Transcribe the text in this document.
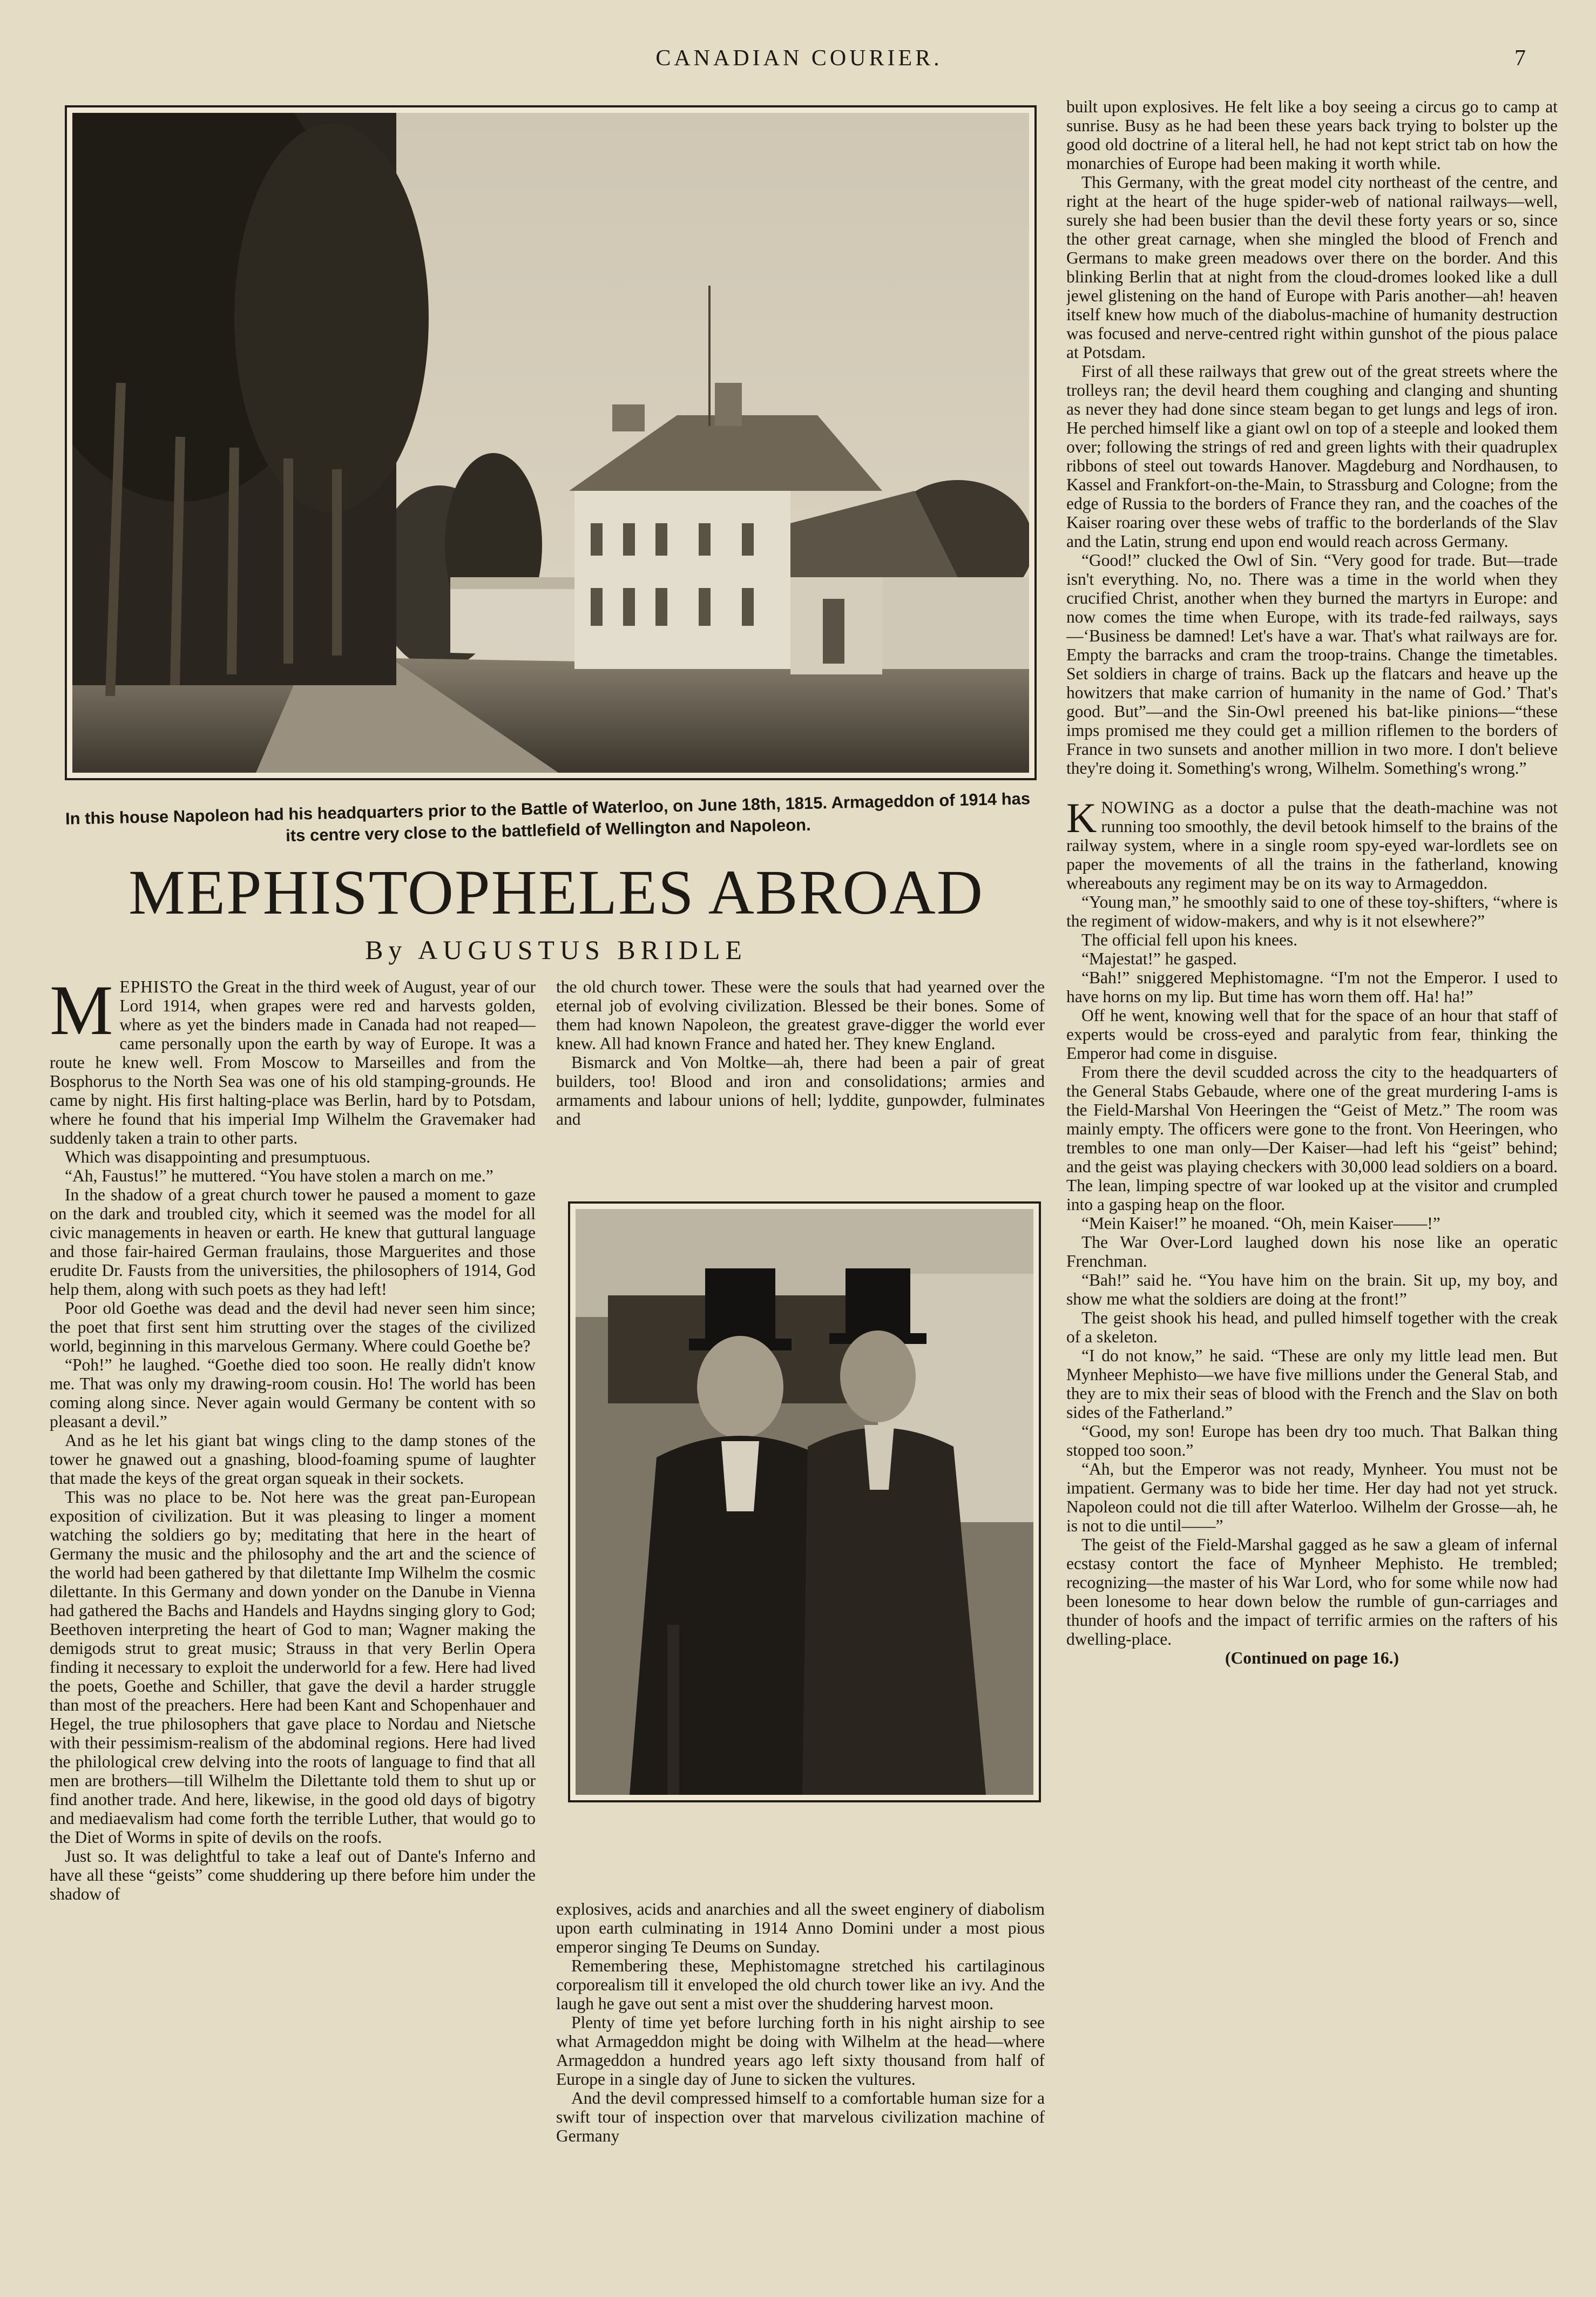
CANADIAN COURIER.	7
In this house Napoleon had his headquarters prior to the Battle of Waterloo, on June 18th, 1815. Armageddon of 1914 has its centre very close to the battlefield of Wellington and Napoleon.
MEPHISTOPHELES ABROAD
By AUGUSTUS BRIDLE

MEPHISTO the Great in the third week of August, year of our Lord 1914, when grapes were red and harvests golden, where as yet the binders made in Canada had not reaped—came personally upon the earth by way of Europe. It was a route he knew well. From Moscow to Marseilles and from the Bosphorus to the North Sea was one of his old stamping-grounds. He came by night. His first halting-place was Berlin, hard by to Potsdam, where he found that his imperial Imp Wilhelm the Gravemaker had suddenly taken a train to other parts.

Which was disappointing and presumptuous.

“Ah, Faustus!” he muttered. “You have stolen a march on me.”

In the shadow of a great church tower he paused a moment to gaze on the dark and troubled city, which it seemed was the model for all civic managements in heaven or earth. He knew that guttural language and those fair-haired German fraulains, those Marguerites and those erudite Dr. Fausts from the universities, the philosophers of 1914, God help them, along with such poets as they had left!

Poor old Goethe was dead and the devil had never seen him since; the poet that first sent him strutting over the stages of the civilized world, beginning in this marvelous Germany. Where could Goethe be?

“Poh!” he laughed. “Goethe died too soon. He really didn't know me. That was only my drawing-room cousin. Ho! The world has been coming along since. Never again would Germany be content with so pleasant a devil.”

And as he let his giant bat wings cling to the damp stones of the tower he gnawed out a gnashing, blood-foaming spume of laughter that made the keys of the great organ squeak in their sockets.

This was no place to be. Not here was the great pan-European exposition of civilization. But it was pleasing to linger a moment watching the soldiers go by; meditating that here in the heart of Germany the music and the philosophy and the art and the science of the world had been gathered by that dilettante Imp Wilhelm the cosmic dilettante. In this Germany and down yonder on the Danube in Vienna had gathered the Bachs and Handels and Haydns singing glory to God; Beethoven interpreting the heart of God to man; Wagner making the demigods strut to great music; Strauss in that very Berlin Opera finding it necessary to exploit the underworld for a few. Here had lived the poets, Goethe and Schiller, that gave the devil a harder struggle than most of the preachers. Here had been Kant and Schopenhauer and Hegel, the true philosophers that gave place to Nordau and Nietsche with their pessimism-realism of the abdominal regions. Here had lived the philological crew delving into the roots of language to find that all men are brothers—till Wilhelm the Dilettante told them to shut up or find another trade. And here, likewise, in the good old days of bigotry and mediaevalism had come forth the terrible Luther, that would go to the Diet of Worms in spite of devils on the roofs.

Just so. It was delightful to take a leaf out of Dante's Inferno and have all these “geists” come shuddering up there before him under the shadow of

the old church tower. These were the souls that had yearned over the eternal job of evolving civilization. Blessed be their bones. Some of them had known Napoleon, the greatest grave-digger the world ever knew. All had known France and hated her. They knew England.

Bismarck and Von Moltke—ah, there had been a pair of great builders, too! Blood and iron and consolidations; armies and armaments and labour unions of hell; lyddite, gunpowder, fulminates and

explosives, acids and anarchies and all the sweet enginery of diabolism upon earth culminating in 1914 Anno Domini under a most pious emperor singing Te Deums on Sunday.

Remembering these, Mephistomagne stretched his cartilaginous corporealism till it enveloped the old church tower like an ivy. And the laugh he gave out sent a mist over the shuddering harvest moon.

Plenty of time yet before lurching forth in his night airship to see what Armageddon might be doing with Wilhelm at the head—where Armageddon a hundred years ago left sixty thousand from half of Europe in a single day of June to sicken the vultures.

And the devil compressed himself to a comfortable human size for a swift tour of inspection over that marvelous civilization machine of Germany

built upon explosives. He felt like a boy seeing a circus go to camp at sunrise. Busy as he had been these years back trying to bolster up the good old doctrine of a literal hell, he had not kept strict tab on how the monarchies of Europe had been making it worth while.

This Germany, with the great model city northeast of the centre, and right at the heart of the huge spider-web of national railways—well, surely she had been busier than the devil these forty years or so, since the other great carnage, when she mingled the blood of French and Germans to make green meadows over there on the border. And this blinking Berlin that at night from the cloud-dromes looked like a dull jewel glistening on the hand of Europe with Paris another—ah! heaven itself knew how much of the diabolus-machine of humanity destruction was focused and nerve-centred right within gunshot of the pious palace at Potsdam.

First of all these railways that grew out of the great streets where the trolleys ran; the devil heard them coughing and clanging and shunting as never they had done since steam began to get lungs and legs of iron. He perched himself like a giant owl on top of a steeple and looked them over; following the strings of red and green lights with their quadruplex ribbons of steel out towards Hanover. Magdeburg and Nordhausen, to Kassel and Frankfort-on-the-Main, to Strassburg and Cologne; from the edge of Russia to the borders of France they ran, and the coaches of the Kaiser roaring over these webs of traffic to the borderlands of the Slav and the Latin, strung end upon end would reach across Germany.

“Good!” clucked the Owl of Sin. “Very good for trade. But—trade isn't everything. No, no. There was a time in the world when they crucified Christ, another when they burned the martyrs in Europe: and now comes the time when Europe, with its trade-fed railways, says—‘Business be damned! Let's have a war. That's what railways are for. Empty the barracks and cram the troop-trains. Change the timetables. Set soldiers in charge of trains. Back up the flatcars and heave up the howitzers that make carrion of humanity in the name of God.’ That's good. But”—and the Sin-Owl preened his bat-like pinions—“these imps promised me they could get a million riflemen to the borders of France in two sunsets and another million in two more. I don't believe they're doing it. Something's wrong, Wilhelm. Something's wrong.”

KNOWING as a doctor a pulse that the death-machine was not running too smoothly, the devil betook himself to the brains of the railway system, where in a single room spy-eyed war-lordlets see on paper the movements of all the trains in the fatherland, knowing whereabouts any regiment may be on its way to Armageddon.

“Young man,” he smoothly said to one of these toy-shifters, “where is the regiment of widow-makers, and why is it not elsewhere?”

The official fell upon his knees.

“Majestat!” he gasped.

“Bah!” sniggered Mephistomagne. “I'm not the Emperor. I used to have horns on my lip. But time has worn them off. Ha! ha!”

Off he went, knowing well that for the space of an hour that staff of experts would be cross-eyed and paralytic from fear, thinking the Emperor had come in disguise.

From there the devil scudded across the city to the headquarters of the General Stabs Gebaude, where one of the great murdering I-ams is the Field-Marshal Von Heeringen the “Geist of Metz.” The room was mainly empty. The officers were gone to the front. Von Heeringen, who trembles to one man only—Der Kaiser—had left his “geist” behind; and the geist was playing checkers with 30,000 lead soldiers on a board. The lean, limping spectre of war looked up at the visitor and crumpled into a gasping heap on the floor.

“Mein Kaiser!” he moaned. “Oh, mein Kaiser——!”

The War Over-Lord laughed down his nose like an operatic Frenchman.

“Bah!” said he. “You have him on the brain. Sit up, my boy, and show me what the soldiers are doing at the front!”

The geist shook his head, and pulled himself together with the creak of a skeleton.

“I do not know,” he said. “These are only my little lead men. But Mynheer Mephisto—we have five millions under the General Stab, and they are to mix their seas of blood with the French and the Slav on both sides of the Fatherland.”

“Good, my son! Europe has been dry too much. That Balkan thing stopped too soon.”

“Ah, but the Emperor was not ready, Mynheer. You must not be impatient. Germany was to bide her time. Her day had not yet struck. Napoleon could not die till after Waterloo. Wilhelm der Grosse—ah, he is not to die until——”

The geist of the Field-Marshal gagged as he saw a gleam of infernal ecstasy contort the face of Mynheer Mephisto. He trembled; recognizing—the master of his War Lord, who for some while now had been lonesome to hear down below the rumble of gun-carriages and thunder of hoofs and the impact of terrific armies on the rafters of his dwelling-place.

(Continued on page 16.)
